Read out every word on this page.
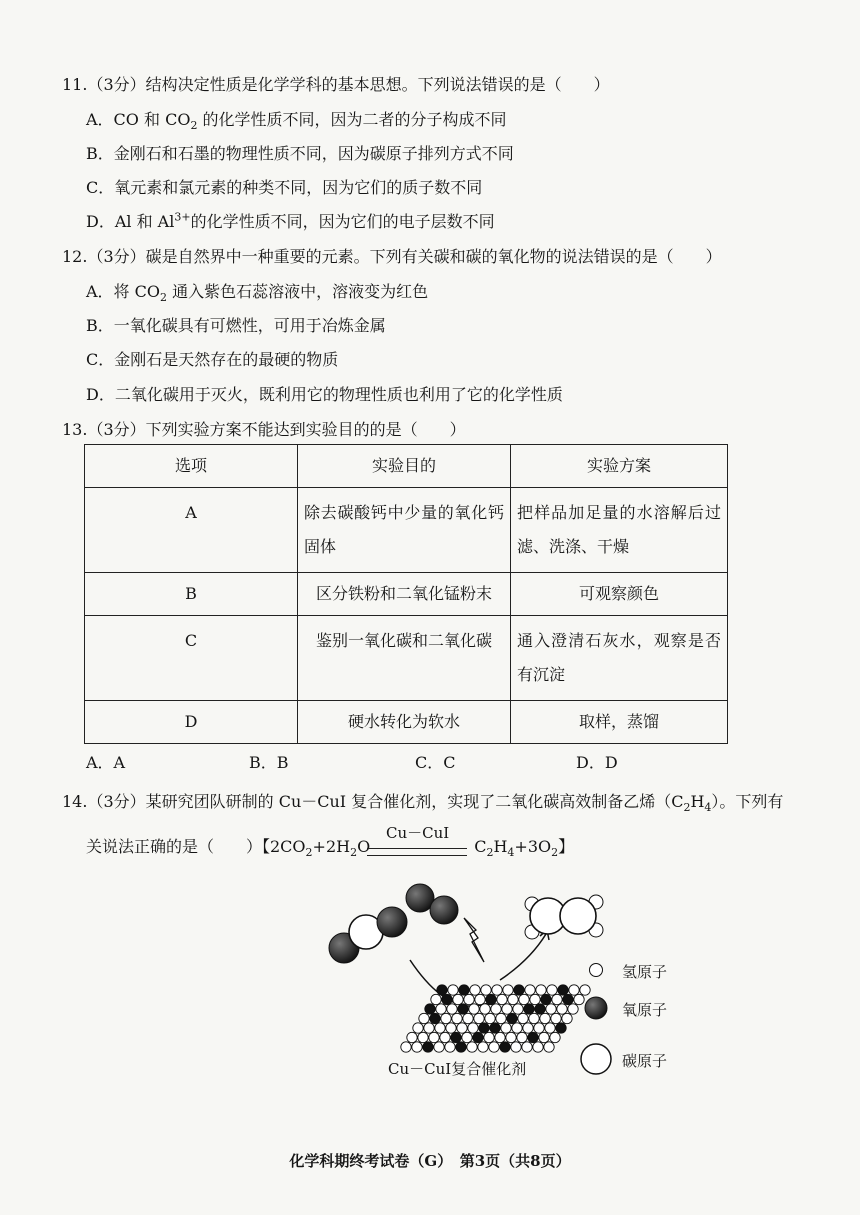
11.（3分）结构决定性质是化学学科的基本思想。下列说法错误的是（　　）
A．CO 和 $CO_2$ 的化学性质不同，因为二者的分子构成不同
B．金刚石和石墨的物理性质不同，因为碳原子排列方式不同
C．氧元素和氯元素的种类不同，因为它们的质子数不同
D．Al 和 $Al^{3+}$的化学性质不同，因为它们的电子层数不同
12.（3分）碳是自然界中一种重要的元素。下列有关碳和碳的氧化物的说法错误的是（　　）
A．将 $CO_2$ 通入紫色石蕊溶液中，溶液变为红色
B．一氧化碳具有可燃性，可用于冶炼金属
C．金刚石是天然存在的最硬的物质
D．二氧化碳用于灭火，既利用它的物理性质也利用了它的化学性质
13.（3分）下列实验方案不能达到实验目的的是（　　）
选项	实验目的	实验方案
A	除去碳酸钙中少量的氧化钙固体	把样品加足量的水溶解后过滤、洗涤、干燥
B	区分铁粉和二氧化锰粉末	可观察颜色
C	鉴别一氧化碳和二氧化碳	通入澄清石灰水，观察是否有沉淀
D	硬水转化为软水	取样，蒸馏
A．A	B．B	C．C	D．D
14.（3分）某研究团队研制的 Cu－CuI 复合催化剂，实现了二氧化碳高效制备乙烯$(C_2H_4)$。下列有
关说法正确的是（　　）【$2CO_2+2H_2O$	$C_2H_4+3O_2$】
Cu－CuI
氢原子
氧原子
碳原子
Cu－CuI复合催化剂
化学科期终考试卷（G）　第3页（共8页）
